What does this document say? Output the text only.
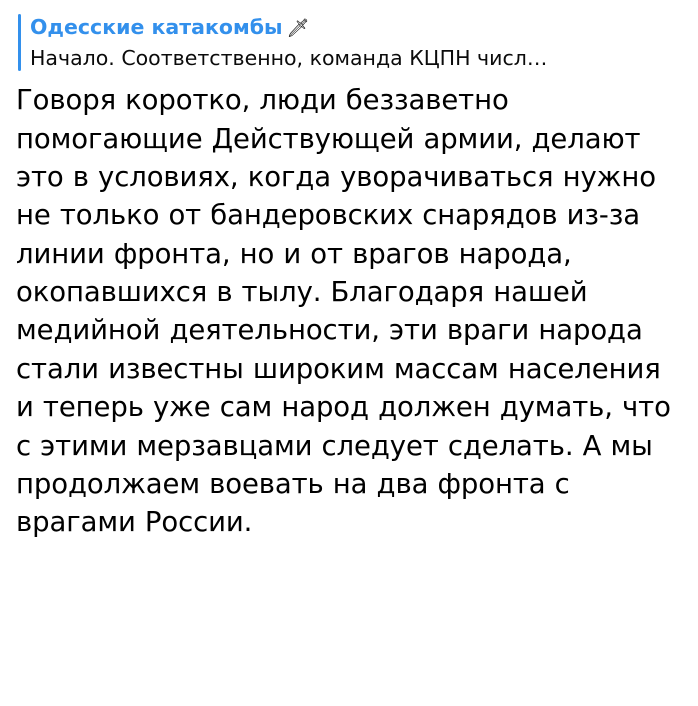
Одесские катакомбы 🗡
Начало. Соответственно, команда КЦПН числ…
Говоря коротко, люди беззаветно помогающие Действующей армии, делают это в условиях, когда уворачиваться нужно не только от бандеровских снарядов из-за линии фронта, но и от врагов народа, окопавшихся в тылу. Благодаря нашей медийной деятельности, эти враги народа стали известны широким массам населения и теперь уже сам народ должен думать, что с этими мерзавцами следует сделать. А мы продолжаем воевать на два фронта с врагами России.
